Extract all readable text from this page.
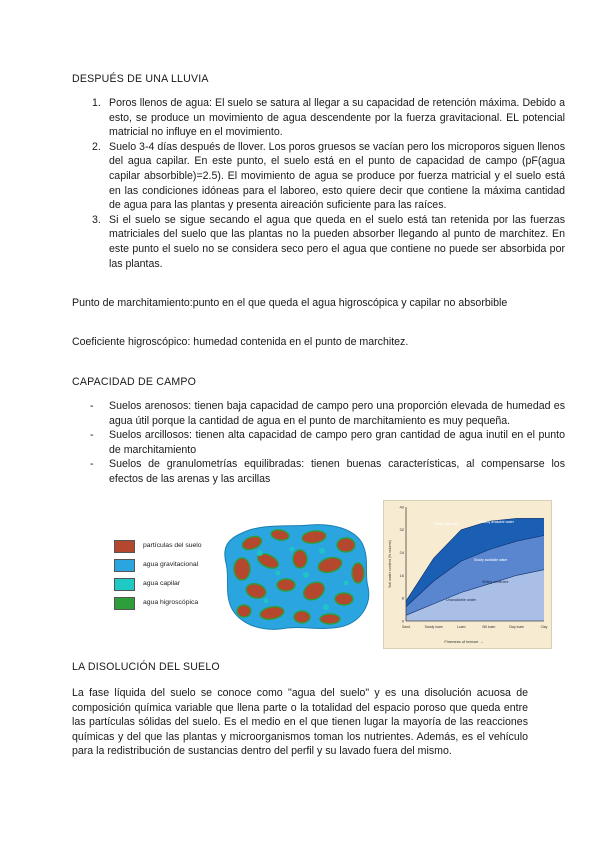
DESPUÉS DE UNA LLUVIA
1. Poros llenos de agua: El suelo se satura al llegar a su capacidad de retención máxima. Debido a esto, se produce un movimiento de agua descendente por la fuerza gravitacional. EL potencial matricial no influye en el movimiento.
2. Suelo 3-4 días después de llover. Los poros gruesos se vacían pero los microporos siguen llenos del agua capilar. En este punto, el suelo está en el punto de capacidad de campo (pF(agua capilar absorbible)=2.5). El movimiento de agua se produce por fuerza matricial y el suelo está en las condiciones idóneas para el laboreo, esto quiere decir que contiene la máxima cantidad de agua para las plantas y presenta aireación suficiente para las raíces.
3. Si el suelo se sigue secando el agua que queda en el suelo está tan retenida por las fuerzas matriciales del suelo que las plantas no la pueden absorber llegando al punto de marchitez. En este punto el suelo no se considera seco pero el agua que contiene no puede ser absorbida por las plantas.
Punto de marchitamiento:punto en el que queda el agua higroscópica y capilar no absorbible
Coeficiente higroscópico: humedad contenida en el punto de marchitez.
CAPACIDAD DE CAMPO
- Suelos arenosos: tienen baja capacidad de campo pero una proporción elevada de humedad es agua útil porque la cantidad de agua en el punto de marchitamiento es muy pequeña.
- Suelos arcillosos: tienen alta capacidad de campo pero gran cantidad de agua inutil en el punto de marchitamiento
- Suelos de granulometrías equilibradas: tienen buenas características, al compensarse los efectos de las arenas y las arcillas
partículas del suelo
agua gravitacional
agua capilar
agua higroscópica
40
32
24
16
8
0
Sand	Sandy loam	Loam	Silt loam	Clay loam	Clay
Soil water content (% volume)
Fineness of texture →
Field capacity	Readily available water
Slowly available water
Wilting coefficient
Unavailable water
LA DISOLUCIÓN DEL SUELO
La fase líquida del suelo se conoce como "agua del suelo" y es una disolución acuosa de composición química variable que llena parte o la totalidad del espacio poroso que queda entre las partículas sólidas del suelo. Es el medio en el que tienen lugar la mayoría de las reacciones químicas y del que las plantas y microorganismos toman los nutrientes. Además, es el vehículo para la redistribución de sustancias dentro del perfil y su lavado fuera del mismo.
